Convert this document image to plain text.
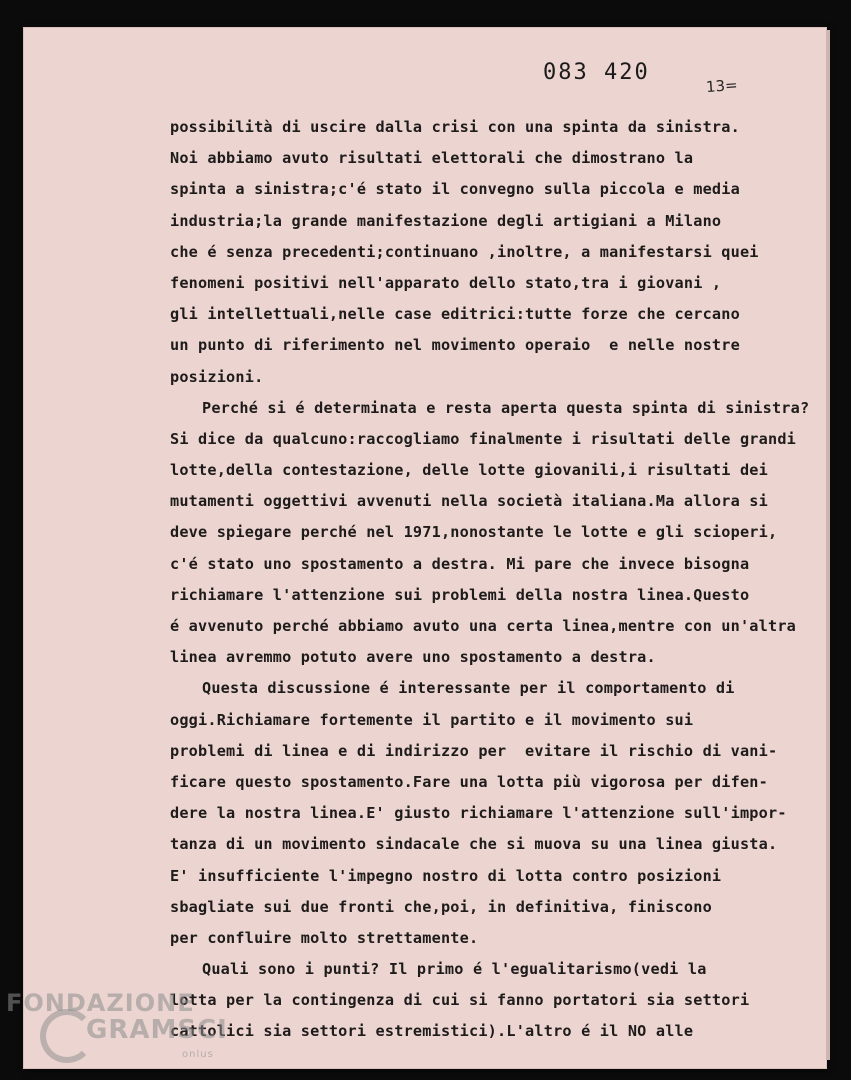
083 420
13=
possibilità di uscire dalla crisi con una spinta da sinistra.
Noi abbiamo avuto risultati elettorali che dimostrano la
spinta a sinistra;c'é stato il convegno sulla piccola e media
industria;la grande manifestazione degli artigiani a Milano
che é senza precedenti;continuano ,inoltre, a manifestarsi quei
fenomeni positivi nell'apparato dello stato,tra i giovani ,
gli intellettuali,nelle case editrici:tutte forze che cercano
un punto di riferimento nel movimento operaio  e nelle nostre
posizioni.
Perché si é determinata e resta aperta questa spinta di sinistra?
Si dice da qualcuno:raccogliamo finalmente i risultati delle grandi
lotte,della contestazione, delle lotte giovanili,i risultati dei
mutamenti oggettivi avvenuti nella società italiana.Ma allora si
deve spiegare perché nel 1971,nonostante le lotte e gli scioperi,
c'é stato uno spostamento a destra. Mi pare che invece bisogna
richiamare l'attenzione sui problemi della nostra linea.Questo
é avvenuto perché abbiamo avuto una certa linea,mentre con un'altra
linea avremmo potuto avere uno spostamento a destra.
Questa discussione é interessante per il comportamento di
oggi.Richiamare fortemente il partito e il movimento sui
problemi di linea e di indirizzo per  evitare il rischio di vani-
ficare questo spostamento.Fare una lotta più vigorosa per difen-
dere la nostra linea.E' giusto richiamare l'attenzione sull'impor-
tanza di un movimento sindacale che si muova su una linea giusta.
E' insufficiente l'impegno nostro di lotta contro posizioni
sbagliate sui due fronti che,poi, in definitiva, finiscono
per confluire molto strettamente.
Quali sono i punti? Il primo é l'egualitarismo(vedi la
lotta per la contingenza di cui si fanno portatori sia settori
cattolici sia settori estremistici).L'altro é il NO alle
FONDAZIONE
GRAMSCI
onlus
